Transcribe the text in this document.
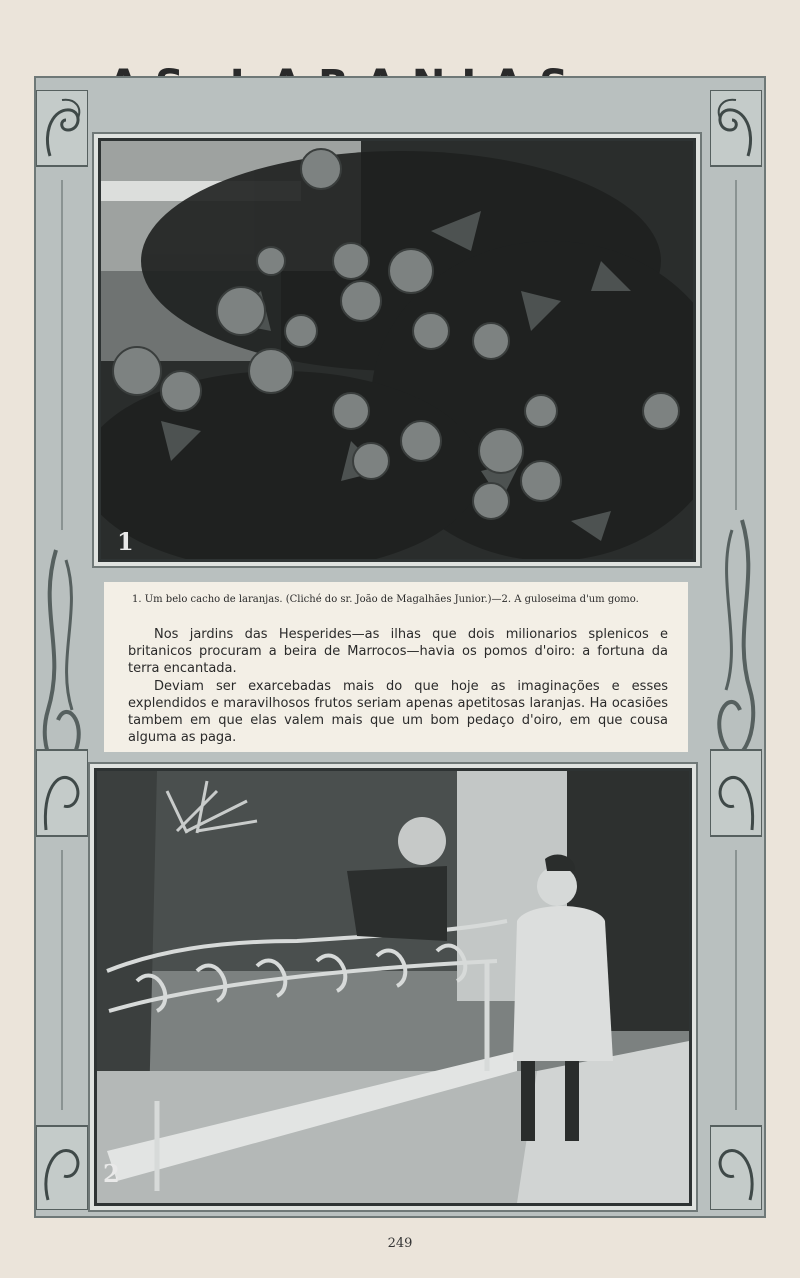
1
1. Um belo cacho de laranjas. (Cliché do sr. João de Magalhães Junior.)—2. A guloseima d'um gomo.

Nos jardins das Hesperides—as ilhas que dois milionarios splenicos e britanicos procuram a beira de Marrocos—havia os pomos d'oiro: a fortuna da terra encantada.

Deviam ser exarcebadas mais do que hoje as imaginações e esses explendidos e maravilhosos frutos seriam apenas apetitosas laranjas. Ha ocasiões tambem em que elas valem mais que um bom pedaço d'oiro, em que cousa alguma as paga.

2
249
